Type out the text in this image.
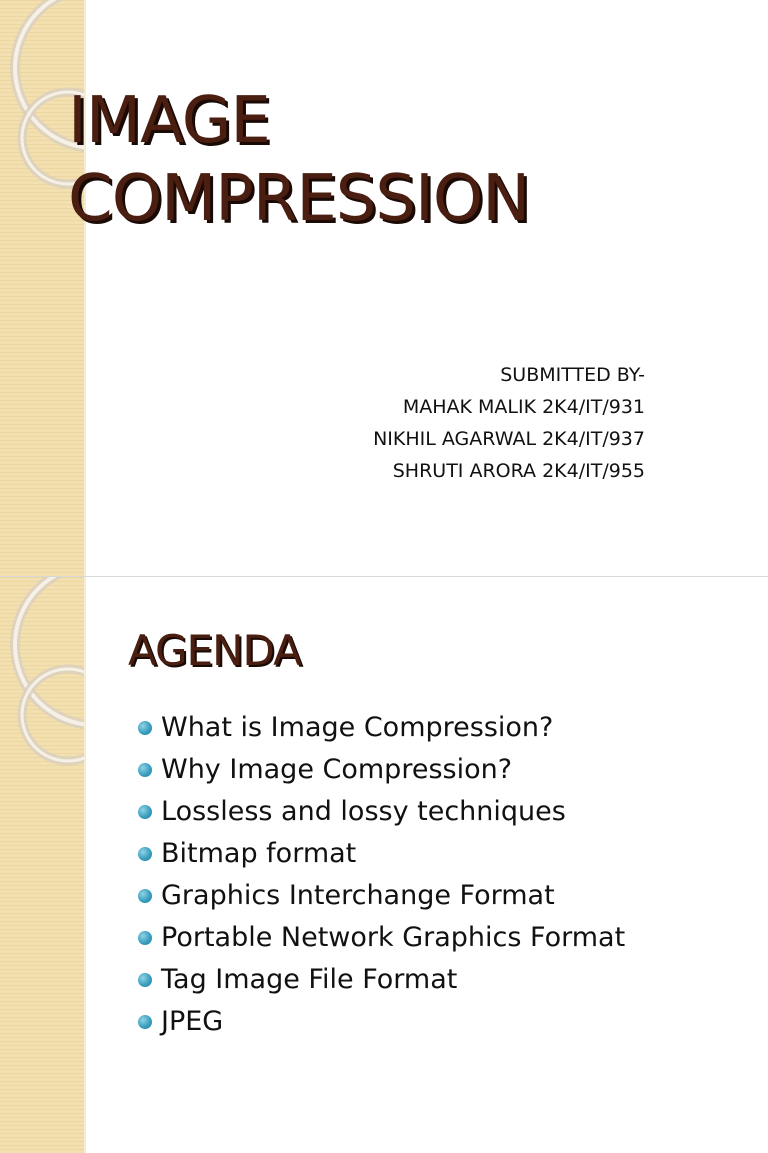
IMAGE
COMPRESSION
SUBMITTED BY-
MAHAK MALIK 2K4/IT/931
NIKHIL AGARWAL 2K4/IT/937
SHRUTI ARORA 2K4/IT/955
AGENDA
What is Image Compression?
Why Image Compression?
Lossless and lossy techniques
Bitmap format
Graphics Interchange Format
Portable Network Graphics Format
Tag Image File Format
JPEG
